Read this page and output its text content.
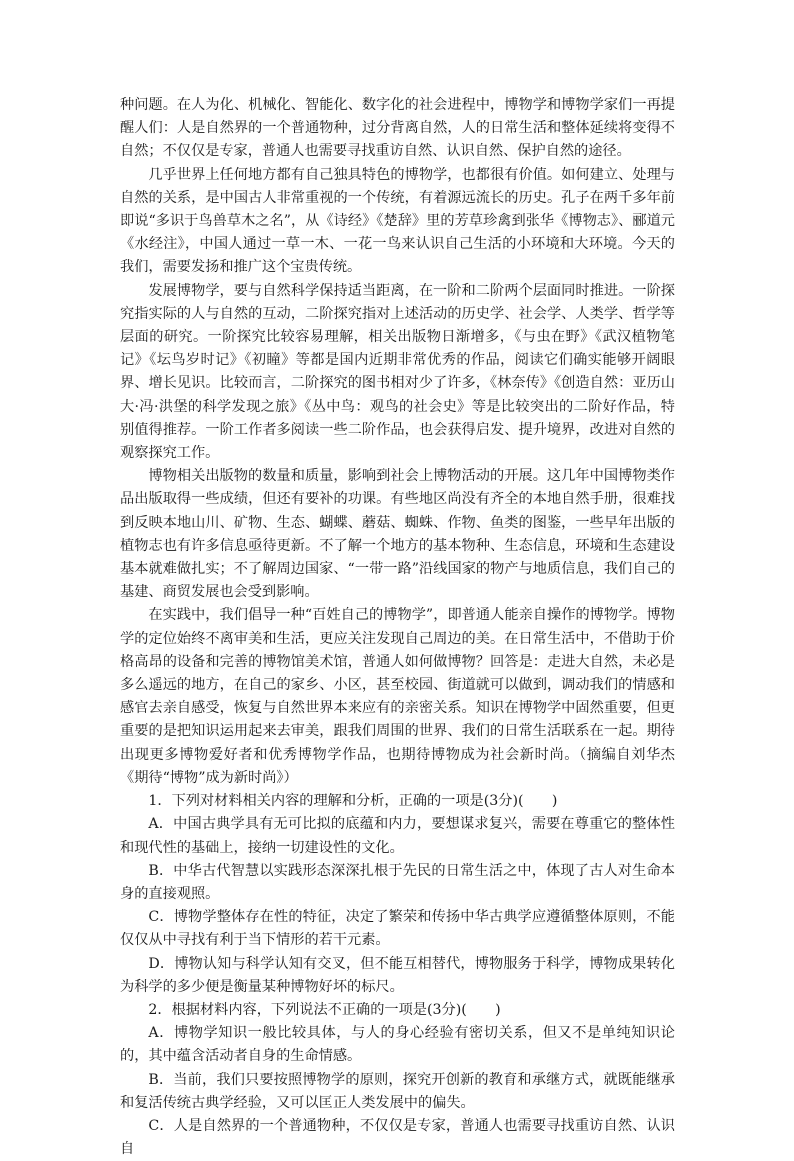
种问题。在人为化、机械化、智能化、数字化的社会进程中，博物学和博物学家们一再提醒人们：人是自然界的一个普通物种，过分背离自然，人的日常生活和整体延续将变得不自然；不仅仅是专家，普通人也需要寻找重访自然、认识自然、保护自然的途径。

几乎世界上任何地方都有自己独具特色的博物学，也都很有价值。如何建立、处理与自然的关系，是中国古人非常重视的一个传统，有着源远流长的历史。孔子在两千多年前即说“多识于鸟兽草木之名”，从《诗经》《楚辞》里的芳草珍禽到张华《博物志》、郦道元《水经注》，中国人通过一草一木、一花一鸟来认识自己生活的小环境和大环境。今天的我们，需要发扬和推广这个宝贵传统。

发展博物学，要与自然科学保持适当距离，在一阶和二阶两个层面同时推进。一阶探究指实际的人与自然的互动，二阶探究指对上述活动的历史学、社会学、人类学、哲学等层面的研究。一阶探究比较容易理解，相关出版物日渐增多，《与虫在野》《武汉植物笔记》《坛鸟岁时记》《初瞳》等都是国内近期非常优秀的作品，阅读它们确实能够开阔眼界、增长见识。比较而言，二阶探究的图书相对少了许多，《林奈传》《创造自然：亚历山大·冯·洪堡的科学发现之旅》《丛中鸟：观鸟的社会史》等是比较突出的二阶好作品，特别值得推荐。一阶工作者多阅读一些二阶作品，也会获得启发、提升境界，改进对自然的观察探究工作。

博物相关出版物的数量和质量，影响到社会上博物活动的开展。这几年中国博物类作品出版取得一些成绩，但还有要补的功课。有些地区尚没有齐全的本地自然手册，很难找到反映本地山川、矿物、生态、蝴蝶、蘑菇、蜘蛛、作物、鱼类的图鉴，一些早年出版的植物志也有许多信息亟待更新。不了解一个地方的基本物种、生态信息，环境和生态建设基本就难做扎实；不了解周边国家、“一带一路”沿线国家的物产与地质信息，我们自己的基建、商贸发展也会受到影响。

在实践中，我们倡导一种“百姓自己的博物学”，即普通人能亲自操作的博物学。博物学的定位始终不离审美和生活，更应关注发现自己周边的美。在日常生活中，不借助于价格高昂的设备和完善的博物馆美术馆，普通人如何做博物？回答是：走进大自然，未必是多么遥远的地方，在自己的家乡、小区，甚至校园、街道就可以做到，调动我们的情感和感官去亲自感受，恢复与自然世界本来应有的亲密关系。知识在博物学中固然重要，但更重要的是把知识运用起来去审美，跟我们周围的世界、我们的日常生活联系在一起。期待出现更多博物爱好者和优秀博物学作品，也期待博物成为社会新时尚。（摘编自刘华杰《期待“博物”成为新时尚》）

1．下列对材料相关内容的理解和分析，正确的一项是(3分)(　　)

A．中国古典学具有无可比拟的底蕴和内力，要想谋求复兴，需要在尊重它的整体性和现代性的基础上，接纳一切建设性的文化。

B．中华古代智慧以实践形态深深扎根于先民的日常生活之中，体现了古人对生命本身的直接观照。

C．博物学整体存在性的特征，决定了繁荣和传扬中华古典学应遵循整体原则，不能仅仅从中寻找有利于当下情形的若干元素。

D．博物认知与科学认知有交叉，但不能互相替代，博物服务于科学，博物成果转化为科学的多少便是衡量某种博物好坏的标尺。

2．根据材料内容，下列说法不正确的一项是(3分)(　　)

A．博物学知识一般比较具体，与人的身心经验有密切关系，但又不是单纯知识论的，其中蕴含活动者自身的生命情感。

B．当前，我们只要按照博物学的原则，探究开创新的教育和承继方式，就既能继承和复活传统古典学经验，又可以匡正人类发展中的偏失。

C．人是自然界的一个普通物种，不仅仅是专家，普通人也需要寻找重访自然、认识自
